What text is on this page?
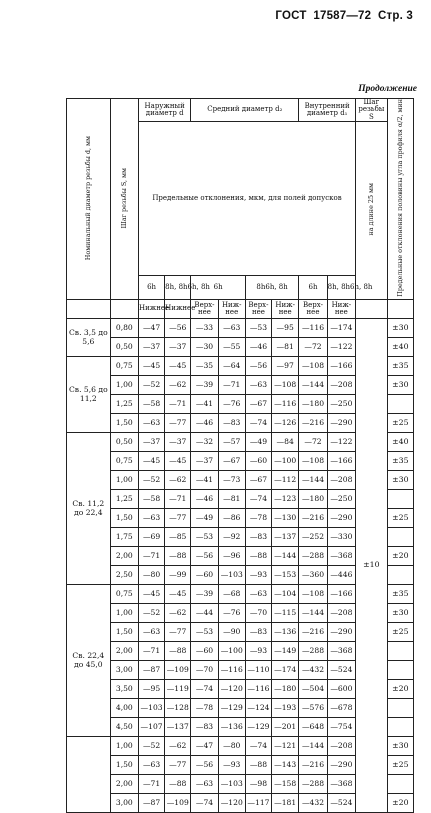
ГОСТ 17587—72 Стр. 3
Продолжение
Номинальный диаметр резьбы d, мм	Шаг резьбы S, мм	Наружный диаметр d		Средний диаметр d₂				Внутренний диаметр d₁		Шаг резьбы S	Предельные отклонения половины угла профиля α/2, мин
		Предельные отклонения, мкм, для полей допусков								на длине 25 мм	
		6h	8h, 8h6h, 8h	6h		8h6h, 8h		6h	8h, 8h6h, 8h		
		Нижнее	Нижнее	Верх- нее	Ниж- нее	Верх- нее	Ниж- нее	Верх- нее	Ниж- нее		
Св. 3,5 до 5,6	0,80	—47	—56	—33	—63	—53	—95	—116	—174	±10	±30
	0,50	—37	—37	—30	—55	—46	—81	—72	—122		±40
Св. 5,6 до 11,2	0,75	—45	—45	—35	—64	—56	—97	—108	—166		±35
	1,00	—52	—62	—39	—71	—63	—108	—144	—208		±30
	1,25	—58	—71	—41	—76	—67	—116	—180	—250		
	1,50	—63	—77	—46	—83	—74	—126	—216	—290		±25
Св. 11,2 до 22,4	0,50	—37	—37	—32	—57	—49	—84	—72	—122		±40
	0,75	—45	—45	—37	—67	—60	—100	—108	—166		±35
	1,00	—52	—62	—41	—73	—67	—112	—144	—208		±30
	1,25	—58	—71	—46	—81	—74	—123	—180	—250		
	1,50	—63	—77	—49	—86	—78	—130	—216	—290		±25
	1,75	—69	—85	—53	—92	—83	—137	—252	—330		
	2,00	—71	—88	—56	—96	—88	—144	—288	—368		±20
	2,50	—80	—99	—60	—103	—93	—153	—360	—446		
Св. 22,4 до 45,0	0,75	—45	—45	—39	—68	—63	—104	—108	—166		±35
	1,00	—52	—62	—44	—76	—70	—115	—144	—208		±30
	1,50	—63	—77	—53	—90	—83	—136	—216	—290		±25
	2,00	—71	—88	—60	—100	—93	—149	—288	—368		
	3,00	—87	—109	—70	—116	—110	—174	—432	—524		
	3,50	—95	—119	—74	—120	—116	—180	—504	—600		±20
	4,00	—103	—128	—78	—129	—124	—193	—576	—678		
	4,50	—107	—137	—83	—136	—129	—201	—648	—754		
	1,00	—52	—62	—47	—80	—74	—121	—144	—208		±30
	1,50	—63	—77	—56	—93	—88	—143	—216	—290		±25
	2,00	—71	—88	—63	—103	—98	—158	—288	—368		
	3,00	—87	—109	—74	—120	—117	—181	—432	—524		±20
